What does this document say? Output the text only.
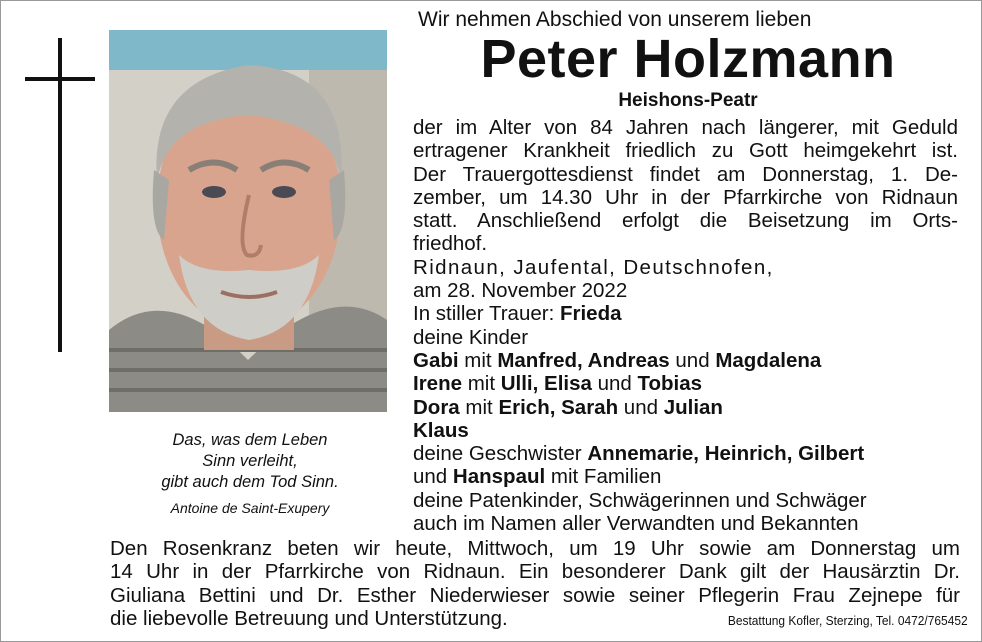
Das, was dem Leben
Sinn verleiht,
gibt auch dem Tod Sinn.
Antoine de Saint-Exupery
Wir nehmen Abschied von unserem lieben
Peter Holzmann
Heishons-Peatr
der im Alter von 84 Jahren nach längerer, mit Geduld
ertragener Krankheit friedlich zu Gott heimgekehrt ist.
Der Trauergottesdienst findet am Donnerstag, 1. De-
zember, um 14.30 Uhr in der Pfarrkirche von Ridnaun
statt. Anschließend erfolgt die Beisetzung im Orts-
friedhof.
Ridnaun, Jaufental, Deutschnofen,
am 28. November 2022
In stiller Trauer: Frieda
deine Kinder
Gabi mit Manfred, Andreas und Magdalena
Irene mit Ulli, Elisa und Tobias
Dora mit Erich, Sarah und Julian
Klaus
deine Geschwister Annemarie, Heinrich, Gilbert
und Hanspaul mit Familien
deine Patenkinder, Schwägerinnen und Schwäger
auch im Namen aller Verwandten und Bekannten
Den Rosenkranz beten wir heute, Mittwoch, um 19 Uhr sowie am Donnerstag um
14 Uhr in der Pfarrkirche von Ridnaun. Ein besonderer Dank gilt der Hausärztin Dr.
Giuliana Bettini und Dr. Esther Niederwieser sowie seiner Pflegerin Frau Zejnepe für
die liebevolle Betreuung und Unterstützung.	Bestattung Kofler, Sterzing, Tel. 0472/765452
